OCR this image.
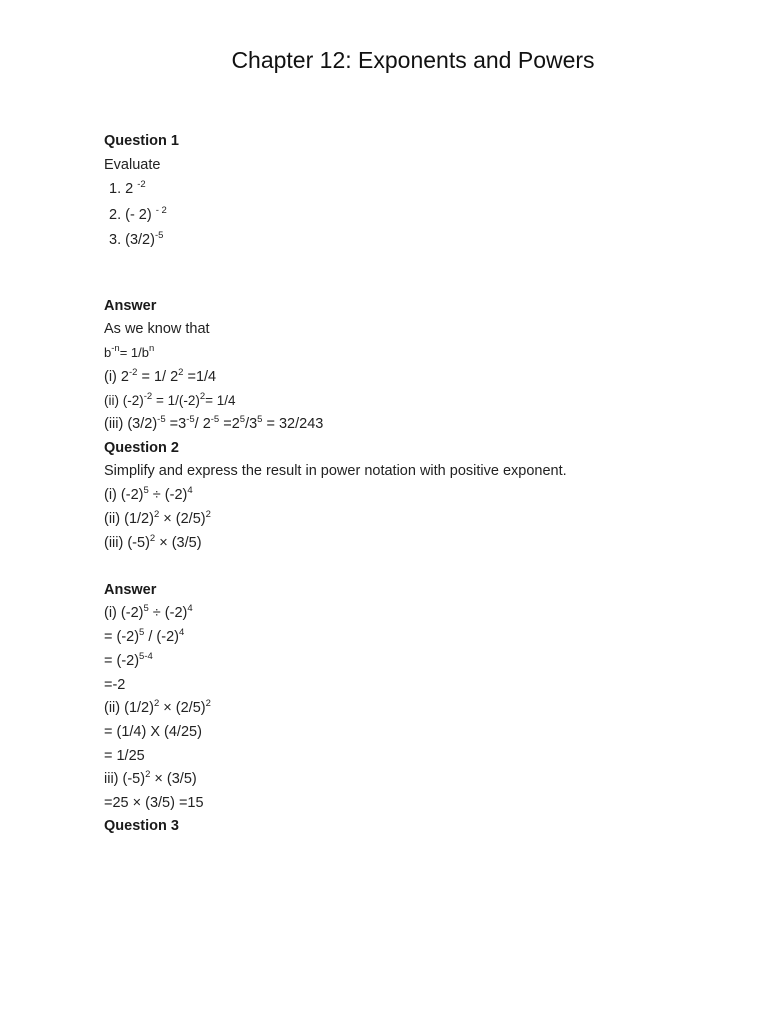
Chapter 12: Exponents and Powers
Question 1
Evaluate
1. 2 $^{-2}$
2. (- 2) $^{- 2}$
3. $(3/2)^{-5}$
Answer
As we know that
$b^{-n}= 1/b^n$
(i) $2^{-2} = 1/$ $2^2 =1/4$
(ii) $(-2)^{-2} = 1/(-2)^2= 1/4$
(iii) $(3/2)^{-5} =3^{-5}/$ $2^{-5} =2^5/3^5 = 32/243$
Question 2
Simplify and express the result in power notation with positive exponent.
(i) $(-2)^5 \div (-2)^4$
(ii) $(1/2)^2 \times (2/5)^2$
(iii) $(-5)^2 \times (3/5)$
Answer
(i) $(-2)^5 \div (-2)^4$
= $(-2)^5 / (-2)^4$
= $(-2)^{5-4}$
=-2
(ii) $(1/2)^2 \times (2/5)^2$
= (1/4) X (4/25)
= 1/25
iii) $(-5)^2 \times (3/5)$
=25 × (3/5) =15
Question 3
